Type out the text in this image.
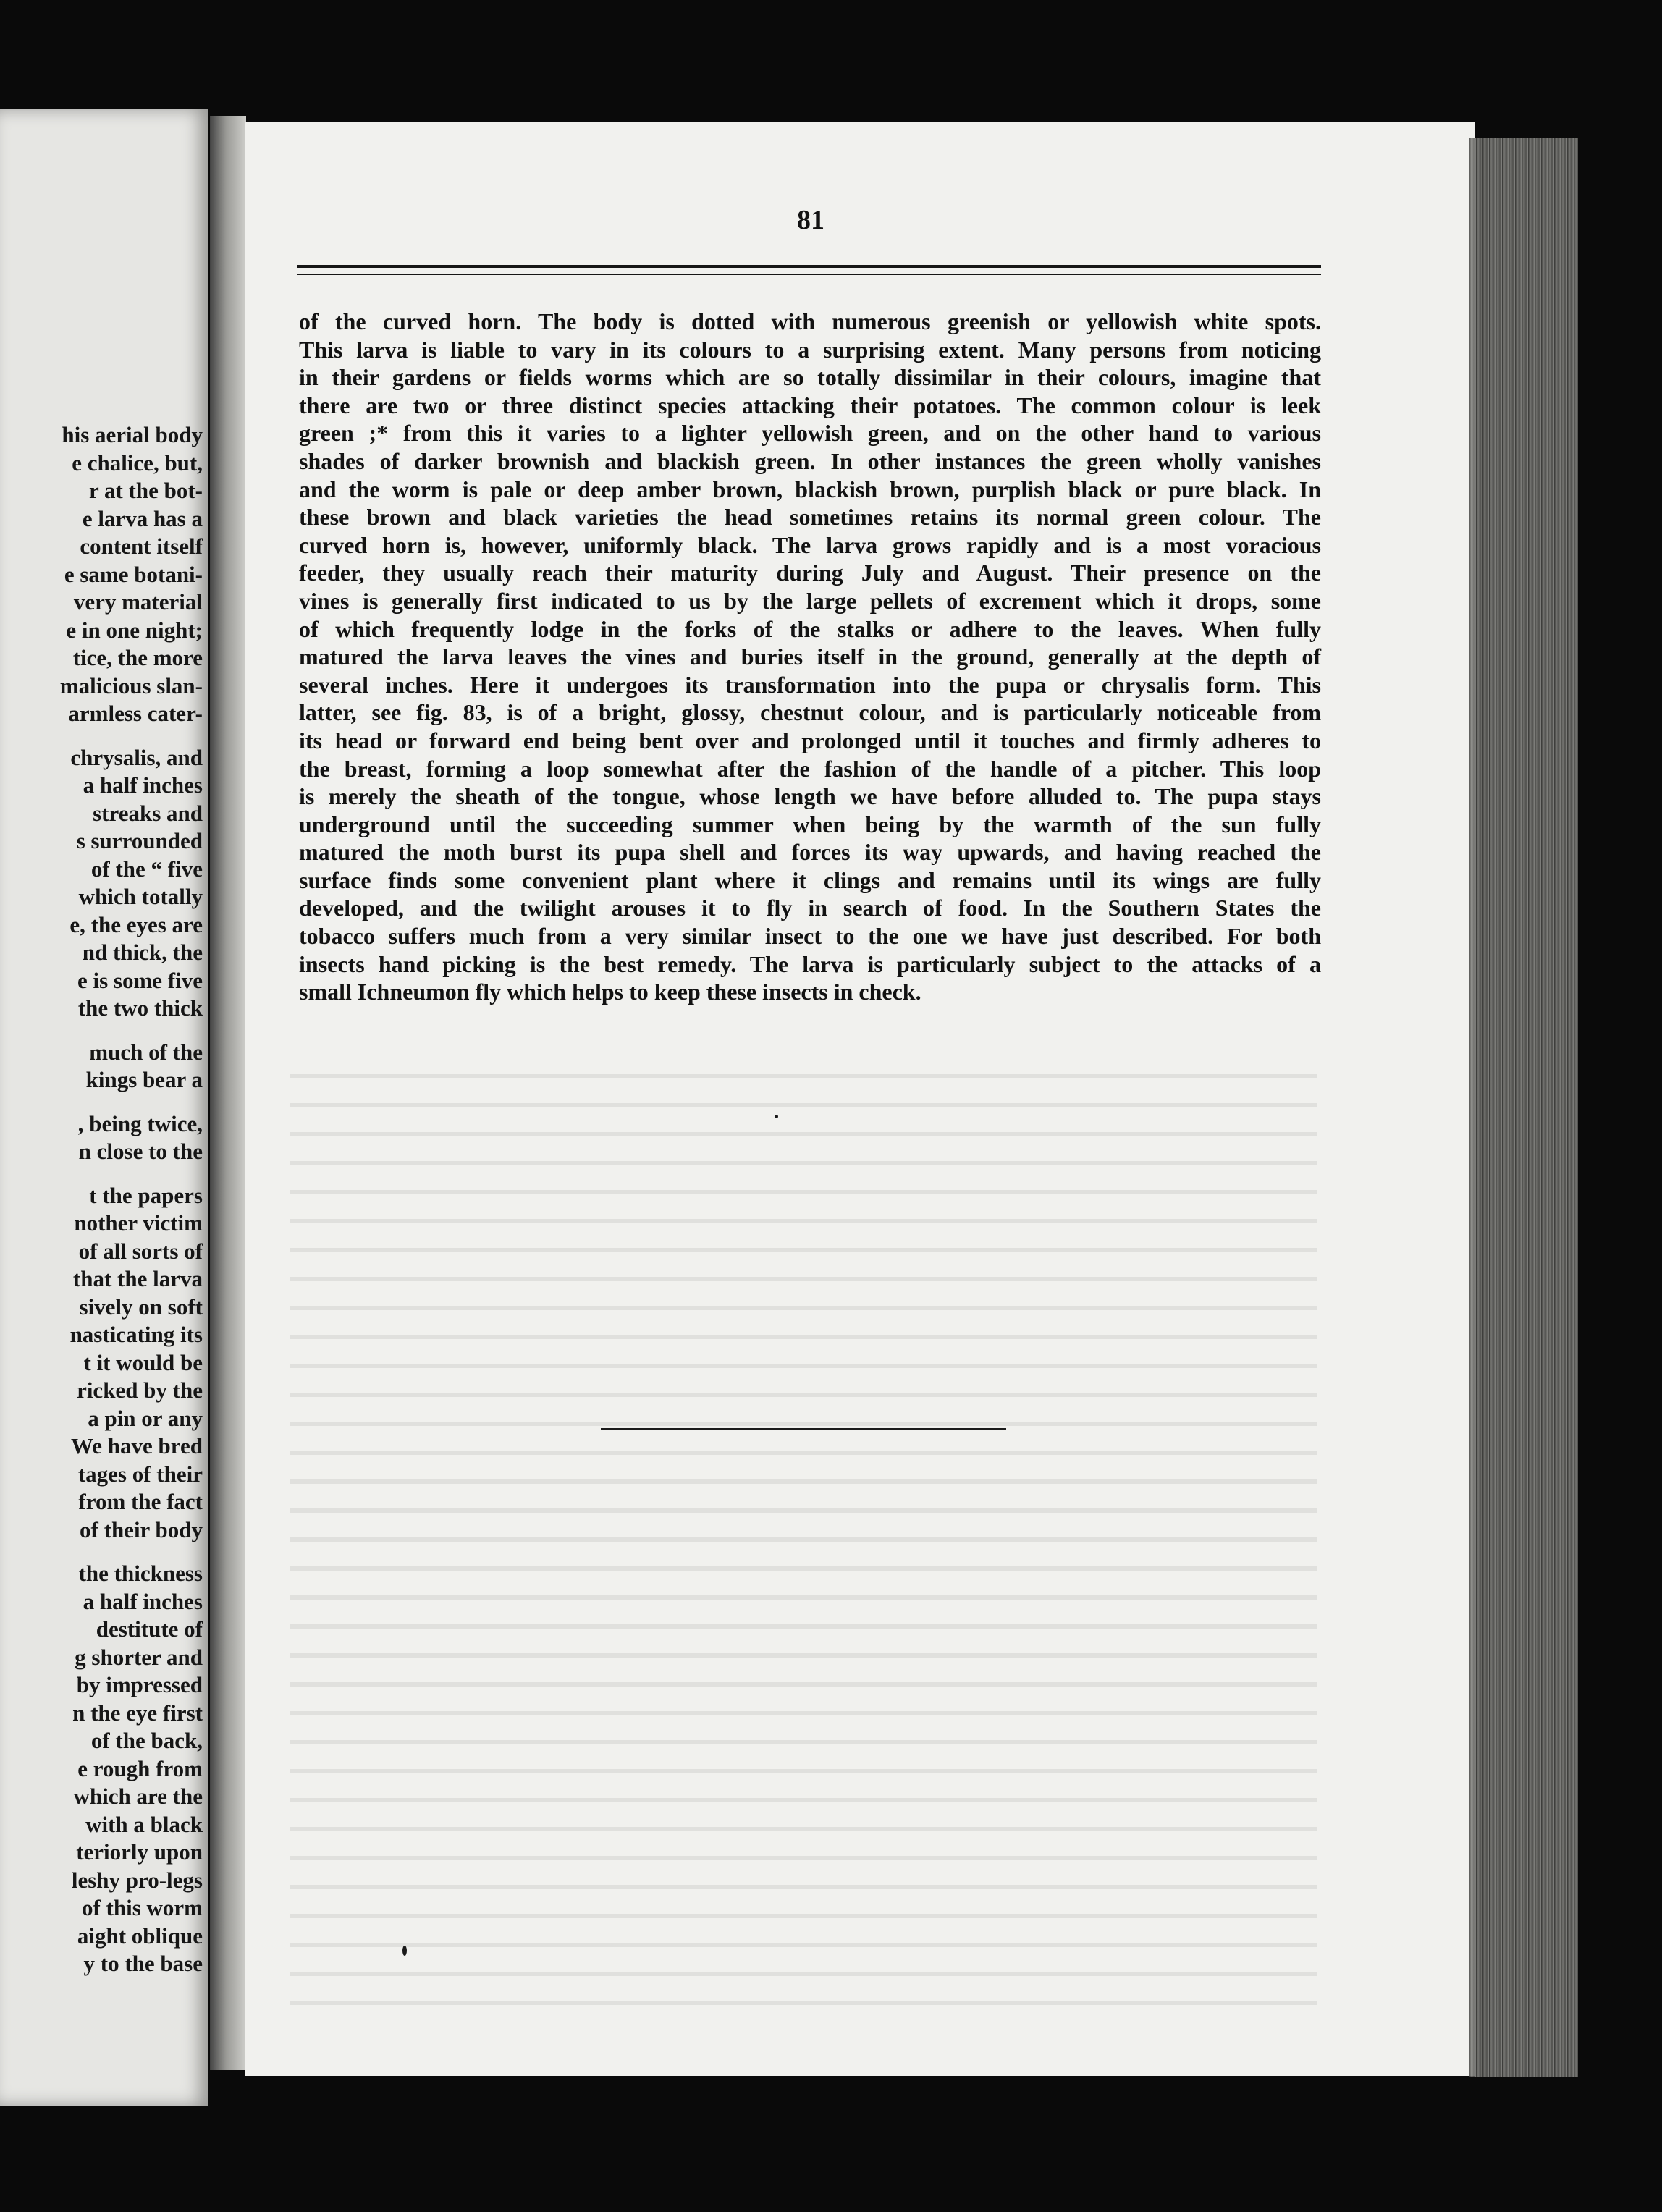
his aerial body
e chalice, but,
r at the bot-
e larva has a
content itself
e same botani-
very material
e in one night;
tice, the more
malicious slan-
armless cater-
chrysalis, and
a half inches
streaks and
s surrounded
of the “ five
which totally
e, the eyes are
nd thick, the
e is some five
the two thick
much of the
kings bear a
, being twice,
n close to the
t the papers
nother victim
of all sorts of
that the larva
sively on soft
nasticating its
t it would be
ricked by the
a pin or any
We have bred
tages of their
from the fact
of their body
the thickness
a half inches
destitute of
g shorter and
by impressed
n the eye first
of the back,
e rough from
which are the
with a black
teriorly upon
leshy pro-legs
of this worm
aight oblique
y to the base
81
of the curved horn. The body is dotted with numerous greenish or yellowish white spots.
This larva is liable to vary in its colours to a surprising extent. Many persons from noticing
in their gardens or fields worms which are so totally dissimilar in their colours, imagine that
there are two or three distinct species attacking their potatoes. The common colour is leek
green ;* from this it varies to a lighter yellowish green, and on the other hand to various
shades of darker brownish and blackish green. In other instances the green wholly vanishes
and the worm is pale or deep amber brown, blackish brown, purplish black or pure black. In
these brown and black varieties the head sometimes retains its normal green colour. The
curved horn is, however, uniformly black. The larva grows rapidly and is a most voracious
feeder, they usually reach their maturity during July and August. Their presence on the
vines is generally first indicated to us by the large pellets of excrement which it drops, some
of which frequently lodge in the forks of the stalks or adhere to the leaves. When fully
matured the larva leaves the vines and buries itself in the ground, generally at the depth of
several inches. Here it undergoes its transformation into the pupa or chrysalis form. This
latter, see fig. 83, is of a bright, glossy, chestnut colour, and is particularly noticeable from
its head or forward end being bent over and prolonged until it touches and firmly adheres to
the breast, forming a loop somewhat after the fashion of the handle of a pitcher. This loop
is merely the sheath of the tongue, whose length we have before alluded to. The pupa stays
underground until the succeeding summer when being by the warmth of the sun fully
matured the moth burst its pupa shell and forces its way upwards, and having reached the
surface finds some convenient plant where it clings and remains until its wings are fully
developed, and the twilight arouses it to fly in search of food. In the Southern States the
tobacco suffers much from a very similar insect to the one we have just described. For both
insects hand picking is the best remedy. The larva is particularly subject to the attacks of a
small Ichneumon fly which helps to keep these insects in check.
